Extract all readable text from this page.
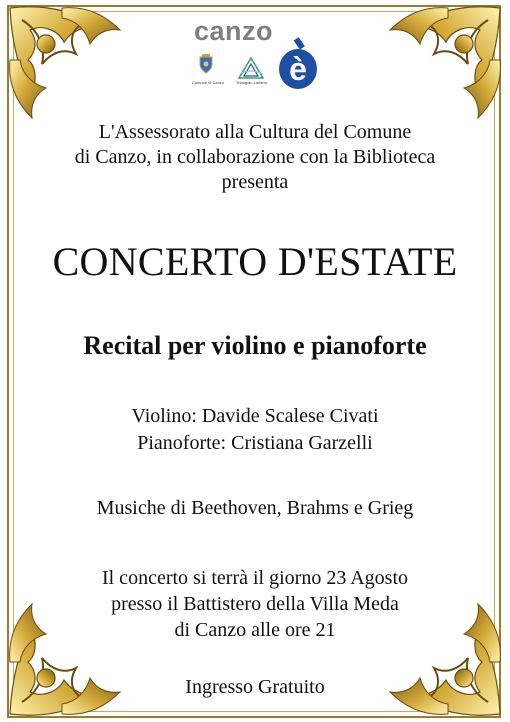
canzo
è
Comune di Canzo	Triangolo Lariano
L'Assessorato alla Cultura del Comune
di Canzo, in collaborazione con la Biblioteca
presenta
CONCERTO D'ESTATE
Recital per violino e pianoforte
Violino: Davide Scalese Civati
Pianoforte: Cristiana Garzelli
Musiche di Beethoven, Brahms e Grieg
Il concerto si terrà il giorno 23 Agosto
presso il Battistero della Villa Meda
di Canzo alle ore 21
Ingresso Gratuito
